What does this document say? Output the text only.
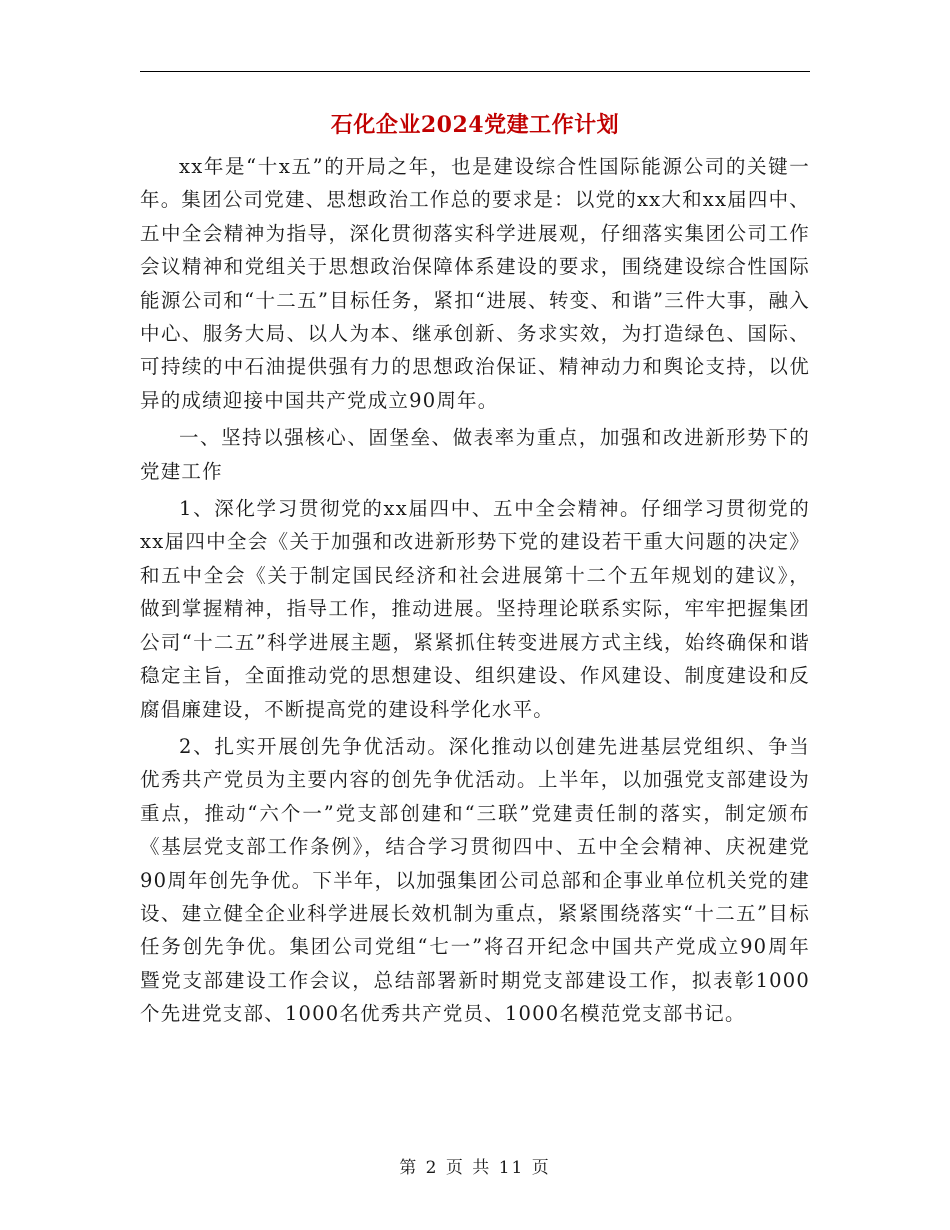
石化企业2024党建工作计划

xx年是“十x五”的开局之年，也是建设综合性国际能源公司的关键一年。集团公司党建、思想政治工作总的要求是：以党的xx大和xx届四中、五中全会精神为指导，深化贯彻落实科学进展观，仔细落实集团公司工作会议精神和党组关于思想政治保障体系建设的要求，围绕建设综合性国际能源公司和“十二五”目标任务，紧扣“进展、转变、和谐”三件大事，融入中心、服务大局、以人为本、继承创新、务求实效，为打造绿色、国际、可持续的中石油提供强有力的思想政治保证、精神动力和舆论支持，以优异的成绩迎接中国共产党成立90周年。

一、坚持以强核心、固堡垒、做表率为重点，加强和改进新形势下的党建工作

1、深化学习贯彻党的xx届四中、五中全会精神。仔细学习贯彻党的xx届四中全会《关于加强和改进新形势下党的建设若干重大问题的决定》和五中全会《关于制定国民经济和社会进展第十二个五年规划的建议》，做到掌握精神，指导工作，推动进展。坚持理论联系实际，牢牢把握集团公司“十二五”科学进展主题，紧紧抓住转变进展方式主线，始终确保和谐稳定主旨，全面推动党的思想建设、组织建设、作风建设、制度建设和反腐倡廉建设，不断提高党的建设科学化水平。

2、扎实开展创先争优活动。深化推动以创建先进基层党组织、争当优秀共产党员为主要内容的创先争优活动。上半年，以加强党支部建设为重点，推动“六个一”党支部创建和“三联”党建责任制的落实，制定颁布《基层党支部工作条例》，结合学习贯彻四中、五中全会精神、庆祝建党90周年创先争优。下半年，以加强集团公司总部和企事业单位机关党的建设、建立健全企业科学进展长效机制为重点，紧紧围绕落实“十二五”目标任务创先争优。集团公司党组“七一”将召开纪念中国共产党成立90周年暨党支部建设工作会议，总结部署新时期党支部建设工作，拟表彰1000个先进党支部、1000名优秀共产党员、1000名模范党支部书记。

第 2 页 共 11 页
